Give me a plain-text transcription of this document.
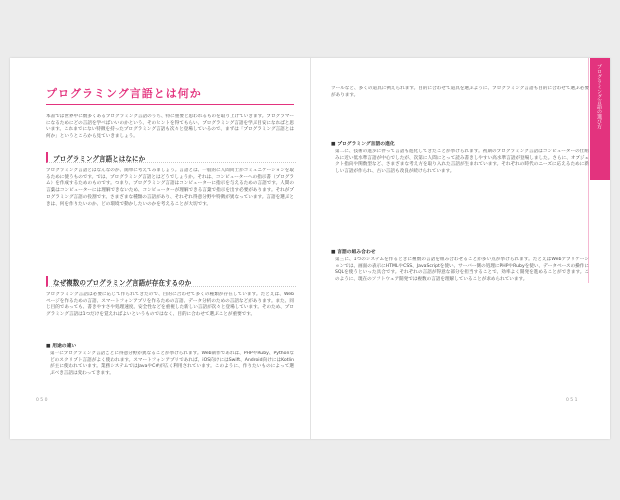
プログラミング言語とは何か

本書では世界中に数多くあるプログラミング言語のうち、特に重要と思われるものを取り上げていきます。プログラマーになるためにどの言語を学べばいいのかという、そのヒントを得てもらい、プログラミング言語を学ぶ目安になればと思います。これまでにない特徴を持ったプログラミング言語も次々と登場しているので、まずは「プログラミング言語とは何か」というところから見ていきましょう。

プログラミング言語とはなにか

プログラミング言語とはなんなのか、簡単に考えてみましょう。言語とは、一般的に人間同士がコミュニケーションを取るために使うものです。では、プログラミング言語とはどうでしょうか。それは、コンピューターへの指示書（プログラム）を作成するためのものです。つまり、プログラミング言語はコンピューターに指示を与えるための言語です。人間の言葉はコンピューターには理解できないため、コンピューターが理解できる言葉で指示を出す必要があります。それがプログラミング言語の役割です。さまざまな種類の言語があり、それぞれ得意分野や特徴が異なっています。言語を選ぶときは、何を作りたいのか、どの環境で動かしたいのかを考えることが大切です。

なぜ複数のプログラミング言語が存在するのか

プログラミング言語は必要に応じて作られてきたので、目的に合わせて多くの種類が存在しています。たとえば、Webページを作るための言語、スマートフォンアプリを作るための言語、データ分析のための言語などがあります。また、同じ目的であっても、書きやすさや処理速度、安全性などを重視した新しい言語が次々と登場しています。そのため、プログラミング言語は1つだけを覚えればよいというものではなく、目的に合わせて選ぶことが重要です。

■ 用途の違い

第一にプログラミング言語ごとに得意分野が異なることが挙げられます。Web制作であれば、PHPやRuby、Pythonなどのスクリプト言語がよく使われます。スマートフォンアプリであれば、iOS向けにはSwift、Android向けにはKotlinが主に使われています。業務システムではJavaやC#が広く利用されています。このように、作りたいものによって選ぶべき言語は変わってきます。

ツールなど、多くの道具に例えられます。目的に合わせて道具を選ぶように、プログラミング言語も目的に合わせて選ぶ必要があります。

■ プログラミング言語の進化

第二に、技術の進歩に伴って言語も進化してきたことが挙げられます。初期のプログラミング言語はコンピューターの仕組みに近い低水準言語が中心でしたが、次第に人間にとって読み書きしやすい高水準言語が登場しました。さらに、オブジェクト指向や関数型など、さまざまな考え方を取り入れた言語が生まれています。それぞれの時代のニーズに応えるために新しい言語が作られ、古い言語も改良が続けられています。

■ 言語の組み合わせ

第三に、1つのシステムを作るときに複数の言語を組み合わせることが多い点が挙げられます。たとえばWebアプリケーションでは、画面の表示にHTMLやCSS、JavaScriptを使い、サーバー側の処理にPHPやRubyを使い、データベースの操作にSQLを使うといった具合です。それぞれの言語が得意な部分を担当することで、効率よく開発を進めることができます。このように、現在のソフトウェア開発では複数の言語を理解していることが求められています。

プログラミング言語の選び方
0 5 0	0 5 1
